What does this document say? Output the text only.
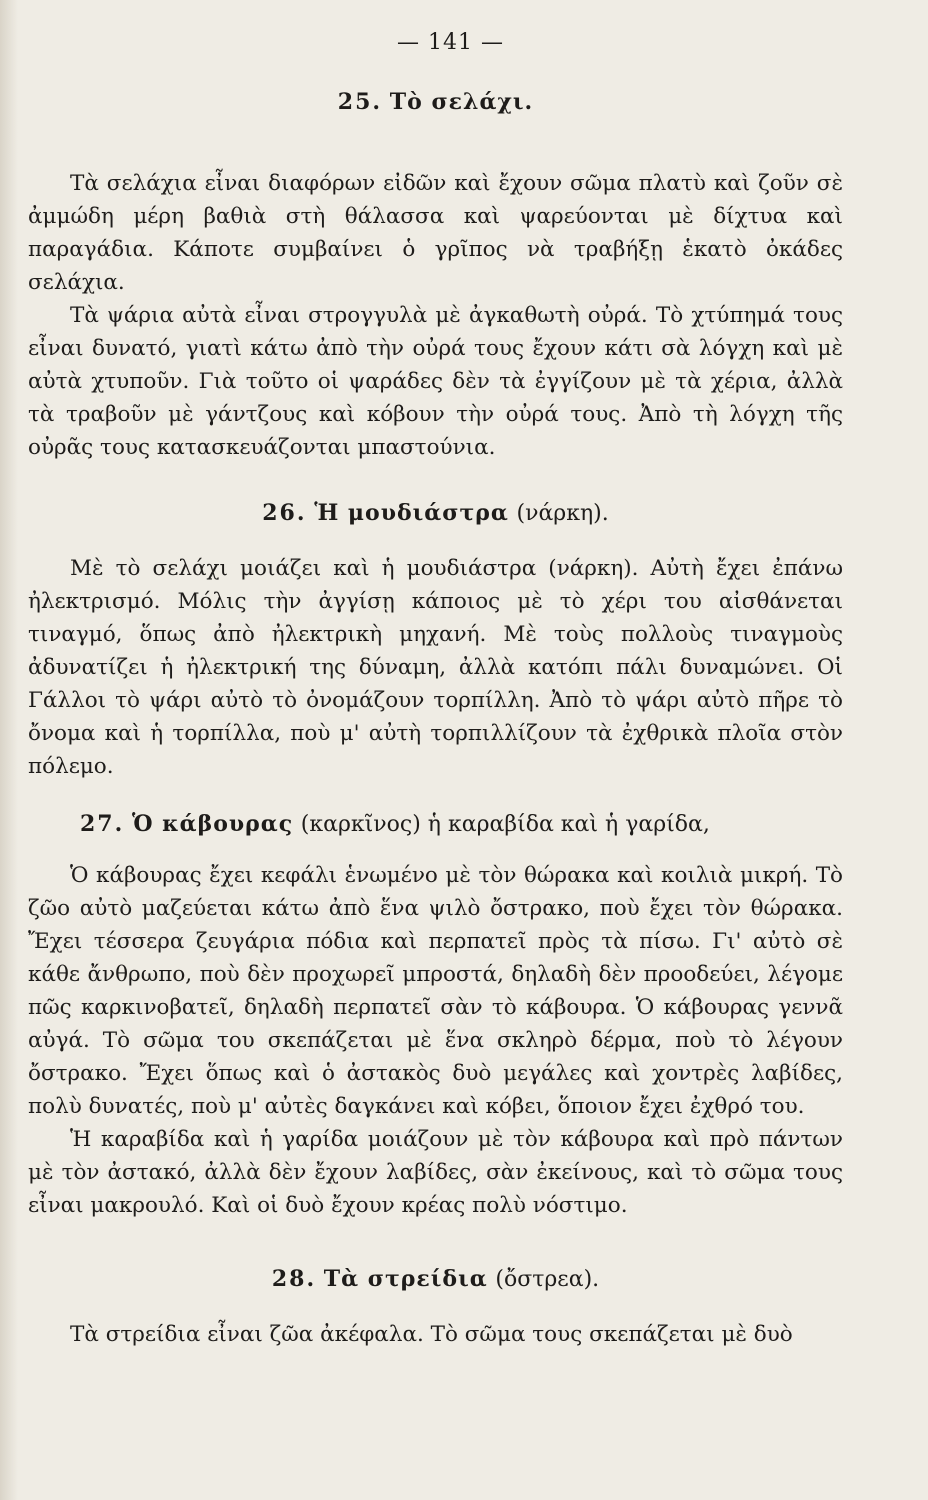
— 141 —
25. Τὸ σελάχι.

Τὰ σελάχια εἶναι διαφόρων εἰδῶν καὶ ἔχουν σῶμα πλατὺ καὶ ζοῦν σὲ ἀμμώδη μέρη βαθιὰ στὴ θάλασσα καὶ ψαρεύονται μὲ δίχτυα καὶ παραγάδια. Κάποτε συμβαίνει ὁ γρῖπος νὰ τραβήξῃ ἑκατὸ ὀκάδες σελάχια.

Τὰ ψάρια αὐτὰ εἶναι στρογγυλὰ μὲ ἀγκαθωτὴ οὐρά. Τὸ χτύπημά τους εἶναι δυνατό, γιατὶ κάτω ἀπὸ τὴν οὐρά τους ἔχουν κάτι σὰ λόγχη καὶ μὲ αὐτὰ χτυποῦν. Γιὰ τοῦτο οἱ ψαράδες δὲν τὰ ἐγγίζουν μὲ τὰ χέρια, ἀλλὰ τὰ τραβοῦν μὲ γάντζους καὶ κόβουν τὴν οὐρά τους. Ἀπὸ τὴ λόγχη τῆς οὐρᾶς τους κατασκευάζονται μπαστούνια.

26. Ἡ μουδιάστρα (νάρκη).

Μὲ τὸ σελάχι μοιάζει καὶ ἡ μουδιάστρα (νάρκη). Αὐτὴ ἔχει ἐπάνω ἠλεκτρισμό. Μόλις τὴν ἀγγίσῃ κάποιος μὲ τὸ χέρι του αἰσθάνεται τιναγμό, ὅπως ἀπὸ ἠλεκτρικὴ μηχανή. Μὲ τοὺς πολλοὺς τιναγμοὺς ἀδυνατίζει ἡ ἠλεκτρική της δύναμη, ἀλλὰ κατόπι πάλι δυναμώνει. Οἱ Γάλλοι τὸ ψάρι αὐτὸ τὸ ὀνομάζουν τορπίλλη. Ἀπὸ τὸ ψάρι αὐτὸ πῆρε τὸ ὄνομα καὶ ἡ τορπίλλα, ποὺ μ' αὐτὴ τορπιλλίζουν τὰ ἐχθρικὰ πλοῖα στὸν πόλεμο.

27. Ὁ κάβουρας (καρκῖνος) ἡ καραβίδα καὶ ἡ γαρίδα,

Ὁ κάβουρας ἔχει κεφάλι ἑνωμένο μὲ τὸν θώρακα καὶ κοιλιὰ μικρή. Τὸ ζῶο αὐτὸ μαζεύεται κάτω ἀπὸ ἕνα ψιλὸ ὄστρακο, ποὺ ἔχει τὸν θώρακα. Ἔχει τέσσερα ζευγάρια πόδια καὶ περπατεῖ πρὸς τὰ πίσω. Γι' αὐτὸ σὲ κάθε ἄνθρωπο, ποὺ δὲν προχωρεῖ μπροστά, δηλαδὴ δὲν προοδεύει, λέγομε πῶς καρκινοβατεῖ, δηλαδὴ περπατεῖ σὰν τὸ κάβουρα. Ὁ κάβουρας γεννᾶ αὐγά. Τὸ σῶμα του σκεπάζεται μὲ ἕνα σκληρὸ δέρμα, ποὺ τὸ λέγουν ὄστρακο. Ἔχει ὅπως καὶ ὁ ἀστακὸς δυὸ μεγάλες καὶ χοντρὲς λαβίδες, πολὺ δυνατές, ποὺ μ' αὐτὲς δαγκάνει καὶ κόβει, ὅποιον ἔχει ἐχθρό του.

Ἡ καραβίδα καὶ ἡ γαρίδα μοιάζουν μὲ τὸν κάβουρα καὶ πρὸ πάντων μὲ τὸν ἀστακό, ἀλλὰ δὲν ἔχουν λαβίδες, σὰν ἐκείνους, καὶ τὸ σῶμα τους εἶναι μακρουλό. Καὶ οἱ δυὸ ἔχουν κρέας πολὺ νόστιμο.

28. Τὰ στρείδια (ὄστρεα).

Τὰ στρείδια εἶναι ζῶα ἀκέφαλα. Τὸ σῶμα τους σκεπάζεται μὲ δυὸ
